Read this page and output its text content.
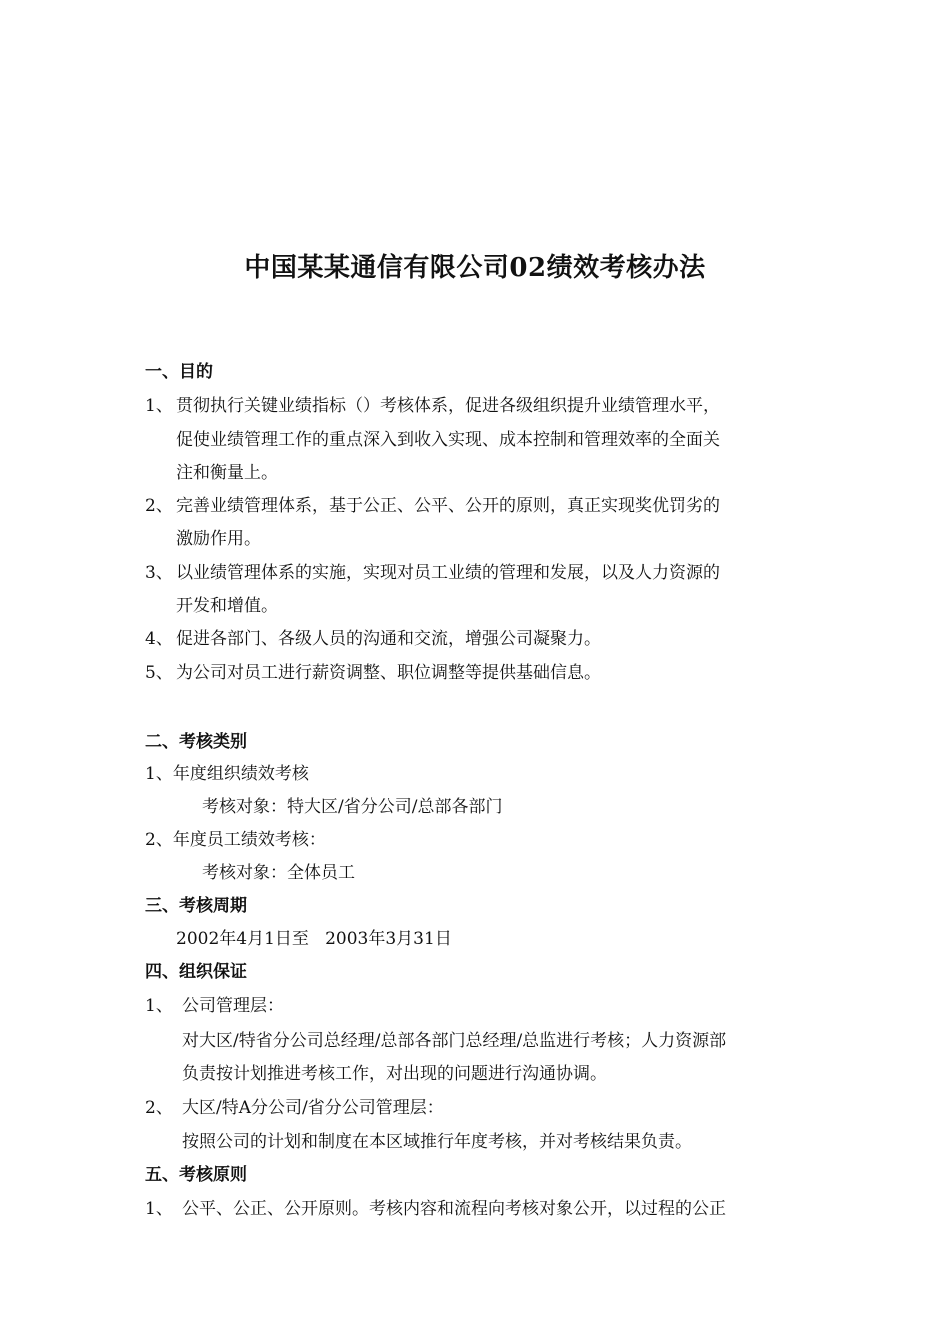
中国某某通信有限公司02绩效考核办法
一、目的
1、 贯彻执行关键业绩指标（）考核体系，促进各级组织提升业绩管理水平，
促使业绩管理工作的重点深入到收入实现、成本控制和管理效率的全面关
注和衡量上。
2、 完善业绩管理体系，基于公正、公平、公开的原则，真正实现奖优罚劣的
激励作用。
3、 以业绩管理体系的实施，实现对员工业绩的管理和发展，以及人力资源的
开发和增值。
4、 促进各部门、各级人员的沟通和交流，增强公司凝聚力。
5、 为公司对员工进行薪资调整、职位调整等提供基础信息。
二、考核类别
1、年度组织绩效考核
考核对象：特大区/省分公司/总部各部门
2、年度员工绩效考核：
考核对象：全体员工
三、考核周期
2002年4月1日至   2003年3月31日
四、组织保证
1、 公司管理层：
对大区/特省分公司总经理/总部各部门总经理/总监进行考核；人力资源部
负责按计划推进考核工作，对出现的问题进行沟通协调。
2、 大区/特A分公司/省分公司管理层：
按照公司的计划和制度在本区域推行年度考核，并对考核结果负责。
五、考核原则
1、 公平、公正、公开原则。考核内容和流程向考核对象公开，以过程的公正
